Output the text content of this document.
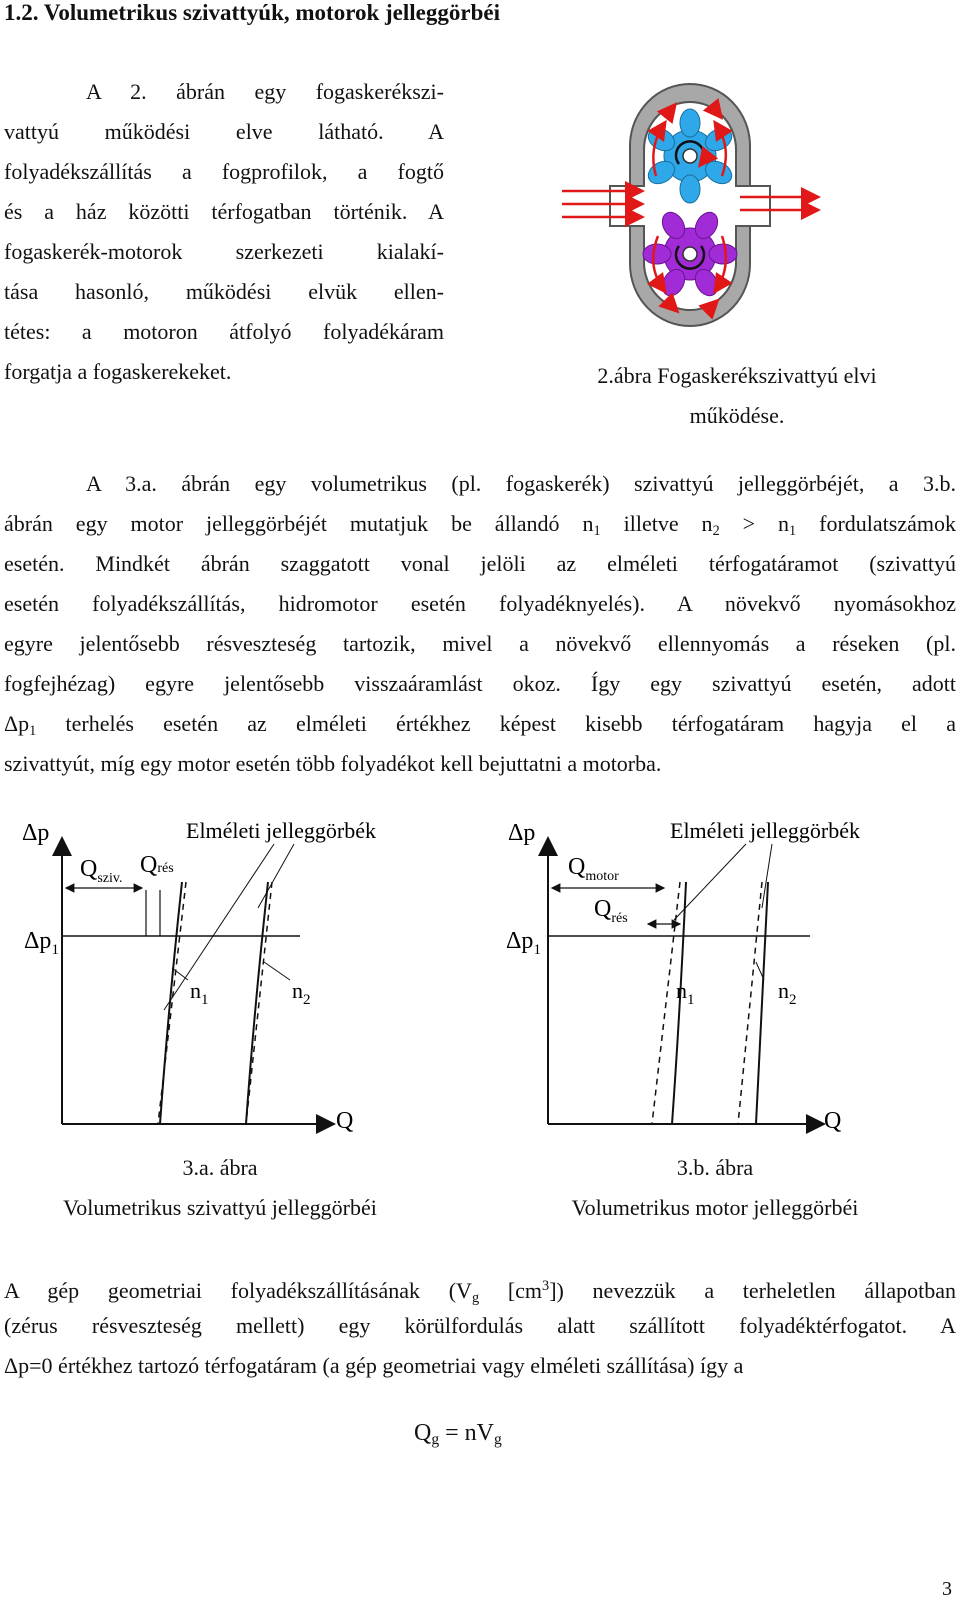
1.2. Volumetrikus szivattyúk, motorok jelleggörbéi
A 2. ábrán egy fogaskerékszi-
vattyú működési elve látható. A
folyadékszállítás a fogprofilok, a fogtő
és a ház közötti térfogatban történik. A
fogaskerék-motorok szerkezeti kialakí-
tása hasonló, működési elvük ellen-
tétes: a motoron átfolyó folyadékáram
forgatja a fogaskerekeket.	2.ábra Fogaskerékszivattyú elvi
működése.
A 3.a. ábrán egy volumetrikus (pl. fogaskerék) szivattyú jelleggörbéjét, a 3.b.
ábrán egy motor jelleggörbéjét mutatjuk be állandó $n_1$ illetve $n_2 > n_1$ fordulatszámok
esetén. Mindkét ábrán szaggatott vonal jelöli az elméleti térfogatáramot (szivattyú
esetén folyadékszállítás, hidromotor esetén folyadéknyelés). A növekvő nyomásokhoz
egyre jelentősebb résveszteség tartozik, mivel a növekvő ellennyomás a réseken (pl.
fogfejhézag) egyre jelentősebb visszaáramlást okoz. Így egy szivattyú esetén, adott
$\Delta p_1$ terhelés esetén az elméleti értékhez képest kisebb térfogatáram hagyja el a
szivattyút, míg egy motor esetén több folyadékot kell bejuttatni a motorba.
Δp
Q
$\Delta p_1$
Elméleti jelleggörbék
$Q_{sziv.}$
Qrés
$n_1$	$n_2$
Δp
Q
$\Delta p_1$
Elméleti jelleggörbék
$Q_{motor}$
$Q_{rés}$
$n_1$	$n_2$
3.a. ábra
Volumetrikus szivattyú jelleggörbéi
3.b. ábra
Volumetrikus motor jelleggörbéi
A gép geometriai folyadékszállításának ($V_g$ $[cm^3]$) nevezzük a terheletlen állapotban
(zérus résveszteség mellett) egy körülfordulás alatt szállított folyadéktérfogatot. A
Δp=0 értékhez tartozó térfogatáram (a gép geometriai vagy elméleti szállítása) így a
$Q_g = nV_g$
3
